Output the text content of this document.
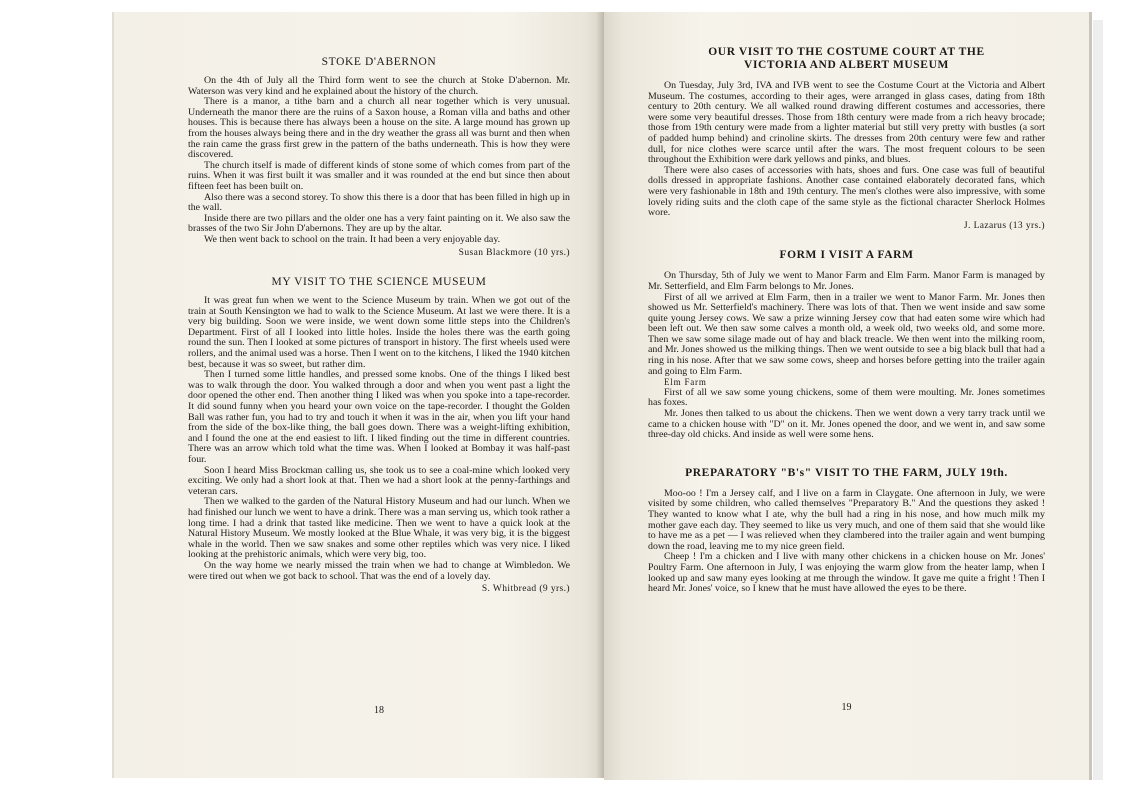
STOKE D'ABERNON

On the 4th of July all the Third form went to see the church at Stoke D'abernon. Mr. Waterson was very kind and he explained about the history of the church.

There is a manor, a tithe barn and a church all near together which is very unusual. Underneath the manor there are the ruins of a Saxon house, a Roman villa and baths and other houses. This is because there has always been a house on the site. A large mound has grown up from the houses always being there and in the dry weather the grass all was burnt and then when the rain came the grass first grew in the pattern of the baths underneath. This is how they were discovered.

The church itself is made of different kinds of stone some of which comes from part of the ruins. When it was first built it was smaller and it was rounded at the end but since then about fifteen feet has been built on.

Also there was a second storey. To show this there is a door that has been filled in high up in the wall.

Inside there are two pillars and the older one has a very faint painting on it. We also saw the brasses of the two Sir John D'abernons. They are up by the altar.

We then went back to school on the train. It had been a very enjoyable day.

Susan Blackmore (10 yrs.)

MY VISIT TO THE SCIENCE MUSEUM

It was great fun when we went to the Science Museum by train. When we got out of the train at South Kensington we had to walk to the Science Museum. At last we were there. It is a very big building. Soon we were inside, we went down some little steps into the Children's Department. First of all I looked into little holes. Inside the holes there was the earth going round the sun. Then I looked at some pictures of transport in history. The first wheels used were rollers, and the animal used was a horse. Then I went on to the kitchens, I liked the 1940 kitchen best, because it was so sweet, but rather dim.

Then I turned some little handles, and pressed some knobs. One of the things I liked best was to walk through the door. You walked through a door and when you went past a light the door opened the other end. Then another thing I liked was when you spoke into a tape-recorder. It did sound funny when you heard your own voice on the tape-recorder. I thought the Golden Ball was rather fun, you had to try and touch it when it was in the air, when you lift your hand from the side of the box-like thing, the ball goes down. There was a weight-lifting exhibition, and I found the one at the end easiest to lift. I liked finding out the time in different countries. There was an arrow which told what the time was. When I looked at Bombay it was half-past four.

Soon I heard Miss Brockman calling us, she took us to see a coal-mine which looked very exciting. We only had a short look at that. Then we had a short look at the penny-farthings and veteran cars.

Then we walked to the garden of the Natural History Museum and had our lunch. When we had finished our lunch we went to have a drink. There was a man serving us, which took rather a long time. I had a drink that tasted like medicine. Then we went to have a quick look at the Natural History Museum. We mostly looked at the Blue Whale, it was very big, it is the biggest whale in the world. Then we saw snakes and some other reptiles which was very nice. I liked looking at the prehistoric animals, which were very big, too.

On the way home we nearly missed the train when we had to change at Wimbledon. We were tired out when we got back to school. That was the end of a lovely day.

S. Whitbread (9 yrs.)

18
OUR VISIT TO THE COSTUME COURT AT THE
VICTORIA AND ALBERT MUSEUM

On Tuesday, July 3rd, IVA and IVB went to see the Costume Court at the Victoria and Albert Museum. The costumes, according to their ages, were arranged in glass cases, dating from 18th century to 20th century. We all walked round drawing different costumes and accessories, there were some very beautiful dresses. Those from 18th century were made from a rich heavy brocade; those from 19th century were made from a lighter material but still very pretty with bustles (a sort of padded hump behind) and crinoline skirts. The dresses from 20th century were few and rather dull, for nice clothes were scarce until after the wars. The most frequent colours to be seen throughout the Exhibition were dark yellows and pinks, and blues.

There were also cases of accessories with hats, shoes and furs. One case was full of beautiful dolls dressed in appropriate fashions. Another case contained elaborately decorated fans, which were very fashionable in 18th and 19th century. The men's clothes were also impressive, with some lovely riding suits and the cloth cape of the same style as the fictional character Sherlock Holmes wore.

J. Lazarus (13 yrs.)

FORM I VISIT A FARM

On Thursday, 5th of July we went to Manor Farm and Elm Farm. Manor Farm is managed by Mr. Setterfield, and Elm Farm belongs to Mr. Jones.

First of all we arrived at Elm Farm, then in a trailer we went to Manor Farm. Mr. Jones then showed us Mr. Setterfield's machinery. There was lots of that. Then we went inside and saw some quite young Jersey cows. We saw a prize winning Jersey cow that had eaten some wire which had been left out. We then saw some calves a month old, a week old, two weeks old, and some more. Then we saw some silage made out of hay and black treacle. We then went into the milking room, and Mr. Jones showed us the milking things. Then we went outside to see a big black bull that had a ring in his nose. After that we saw some cows, sheep and horses before getting into the trailer again and going to Elm Farm.

Elm Farm

First of all we saw some young chickens, some of them were moulting. Mr. Jones sometimes has foxes.

Mr. Jones then talked to us about the chickens. Then we went down a very tarry track until we came to a chicken house with "D" on it. Mr. Jones opened the door, and we went in, and saw some three-day old chicks. And inside as well were some hens.

PREPARATORY "B's" VISIT TO THE FARM, JULY 19th.

Moo-oo ! I'm a Jersey calf, and I live on a farm in Claygate. One afternoon in July, we were visited by some children, who called themselves "Preparatory B." And the questions they asked ! They wanted to know what I ate, why the bull had a ring in his nose, and how much milk my mother gave each day. They seemed to like us very much, and one of them said that she would like to have me as a pet — I was relieved when they clambered into the trailer again and went bumping down the road, leaving me to my nice green field.

Cheep ! I'm a chicken and I live with many other chickens in a chicken house on Mr. Jones' Poultry Farm. One afternoon in July, I was enjoying the warm glow from the heater lamp, when I looked up and saw many eyes looking at me through the window. It gave me quite a fright ! Then I heard Mr. Jones' voice, so I knew that he must have allowed the eyes to be there.

19
